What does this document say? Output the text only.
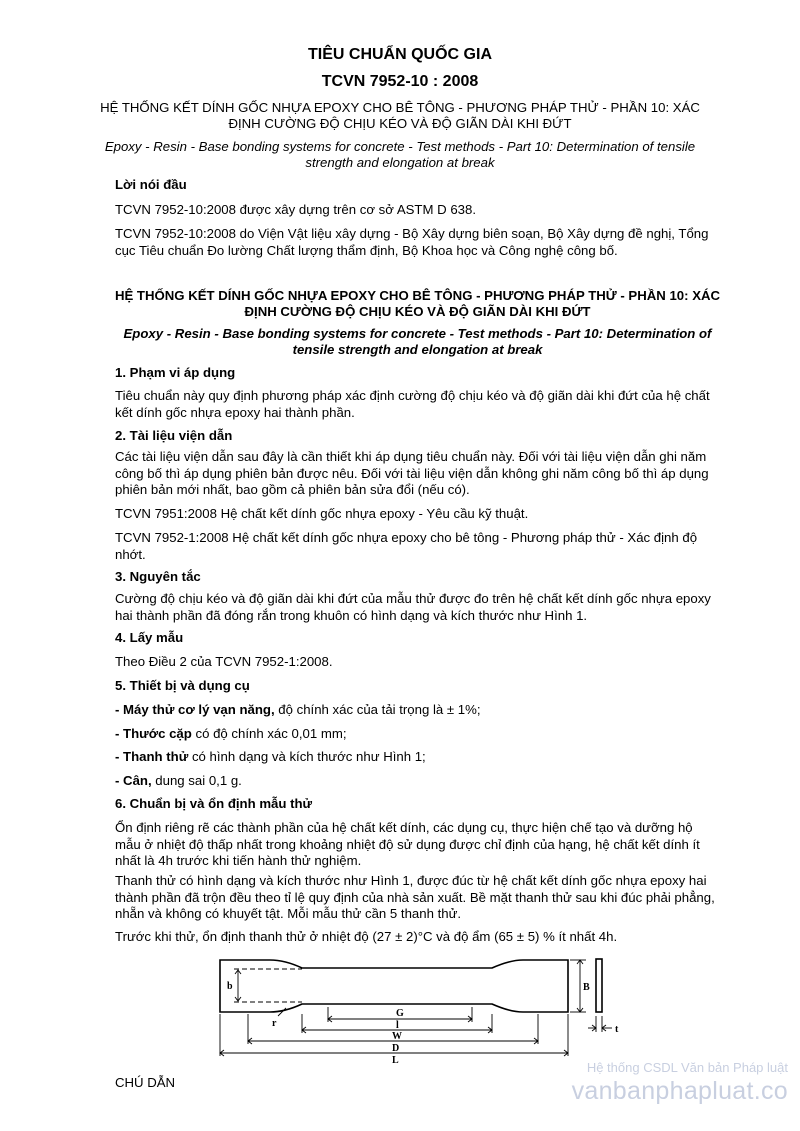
TIÊU CHUẨN QUỐC GIA
TCVN 7952-10 : 2008
HỆ THỐNG KẾT DÍNH GỐC NHỰA EPOXY CHO BÊ TÔNG - PHƯƠNG PHÁP THỬ - PHẦN 10: XÁC ĐỊNH CƯỜNG ĐỘ CHỊU KÉO VÀ ĐỘ GIÃN DÀI KHI ĐỨT
Epoxy - Resin - Base bonding systems for concrete - Test methods - Part 10: Determination of tensile strength and elongation at break
Lời nói đầu
TCVN 7952-10:2008 được xây dựng trên cơ sở ASTM D 638.
TCVN 7952-10:2008 do Viện Vật liệu xây dựng - Bộ Xây dựng biên soạn, Bộ Xây dựng đề nghị, Tổng cục Tiêu chuẩn Đo lường Chất lượng thẩm định, Bộ Khoa học và Công nghệ công bố.
HỆ THỐNG KẾT DÍNH GỐC NHỰA EPOXY CHO BÊ TÔNG - PHƯƠNG PHÁP THỬ - PHẦN 10: XÁC ĐỊNH CƯỜNG ĐỘ CHỊU KÉO VÀ ĐỘ GIÃN DÀI KHI ĐỨT
Epoxy - Resin - Base bonding systems for concrete - Test methods - Part 10: Determination of tensile strength and elongation at break
1. Phạm vi áp dụng
Tiêu chuẩn này quy định phương pháp xác định cường độ chịu kéo và độ giãn dài khi đứt của hệ chất kết dính gốc nhựa epoxy hai thành phần.
2. Tài liệu viện dẫn
Các tài liệu viện dẫn sau đây là cần thiết khi áp dụng tiêu chuẩn này. Đối với tài liệu viện dẫn ghi năm công bố thì áp dụng phiên bản được nêu. Đối với tài liệu viện dẫn không ghi năm công bố thì áp dụng phiên bản mới nhất, bao gồm cả phiên bản sửa đổi (nếu có).
TCVN 7951:2008 Hệ chất kết dính gốc nhựa epoxy - Yêu cầu kỹ thuật.
TCVN 7952-1:2008 Hệ chất kết dính gốc nhựa epoxy cho bê tông - Phương pháp thử - Xác định độ nhớt.
3. Nguyên tắc
Cường độ chịu kéo và độ giãn dài khi đứt của mẫu thử được đo trên hệ chất kết dính gốc nhựa epoxy hai thành phần đã đóng rắn trong khuôn có hình dạng và kích thước như Hình 1.
4. Lấy mẫu
Theo Điều 2 của TCVN 7952-1:2008.
5. Thiết bị và dụng cụ
- Máy thử cơ lý vạn năng, độ chính xác của tải trọng là ± 1%;
- Thước cặp có độ chính xác 0,01 mm;
- Thanh thử có hình dạng và kích thước như Hình 1;
- Cân, dung sai 0,1 g.
6. Chuẩn bị và ổn định mẫu thử
Ổn định riêng rẽ các thành phần của hệ chất kết dính, các dụng cụ, thực hiện chế tạo và dưỡng hộ mẫu ở nhiệt độ thấp nhất trong khoảng nhiệt độ sử dụng được chỉ định của hạng, hệ chất kết dính ít nhất là 4h trước khi tiến hành thử nghiệm.
Thanh thử có hình dạng và kích thước như Hình 1, được đúc từ hệ chất kết dính gốc nhựa epoxy hai thành phần đã trộn đều theo tỉ lệ quy định của nhà sản xuất. Bề mặt thanh thử sau khi đúc phải phẳng, nhẵn và không có khuyết tật. Mỗi mẫu thử cần 5 thanh thử.
Trước khi thử, ổn định thanh thử ở nhiệt độ (27 ± 2)°C và độ ẩm (65 ± 5) % ít nhất 4h.
b
r
G
l
W
D
L
B
t
CHÚ DẪN
Hệ thống CSDL Văn bản Pháp luật
vanbanphapluat.co
